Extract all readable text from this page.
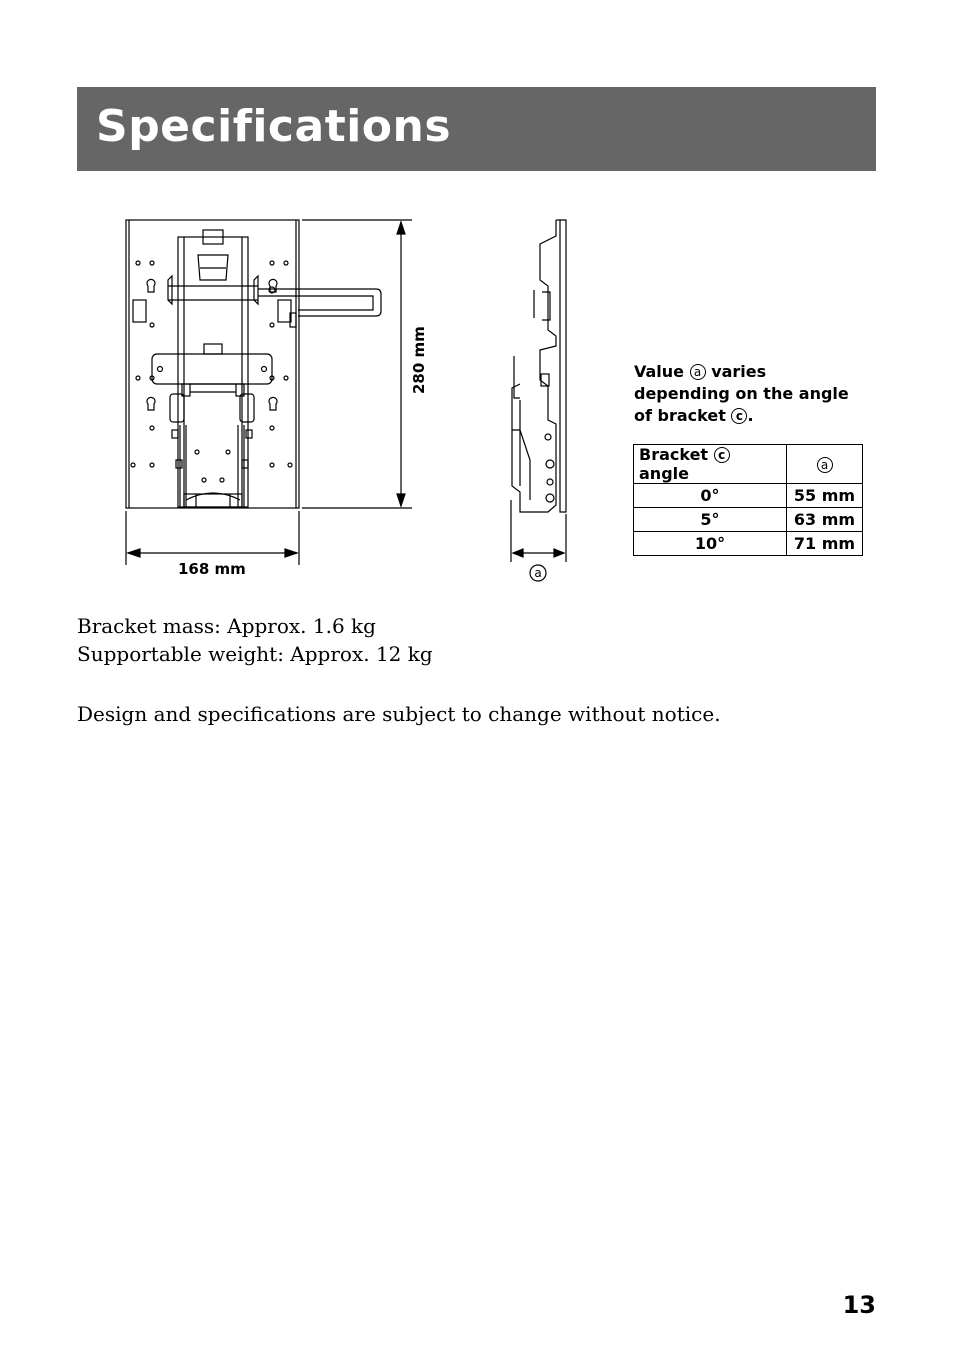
Specifications
168 mm
280 mm
a
Value a varies depending on the angle of bracket c .
Bracket c angle	a
0°	55 mm
5°	63 mm
10°	71 mm

Bracket mass: Approx. 1.6 kg

Supportable weight: Approx. 12 kg

Design and specifications are subject to change without notice.

13
